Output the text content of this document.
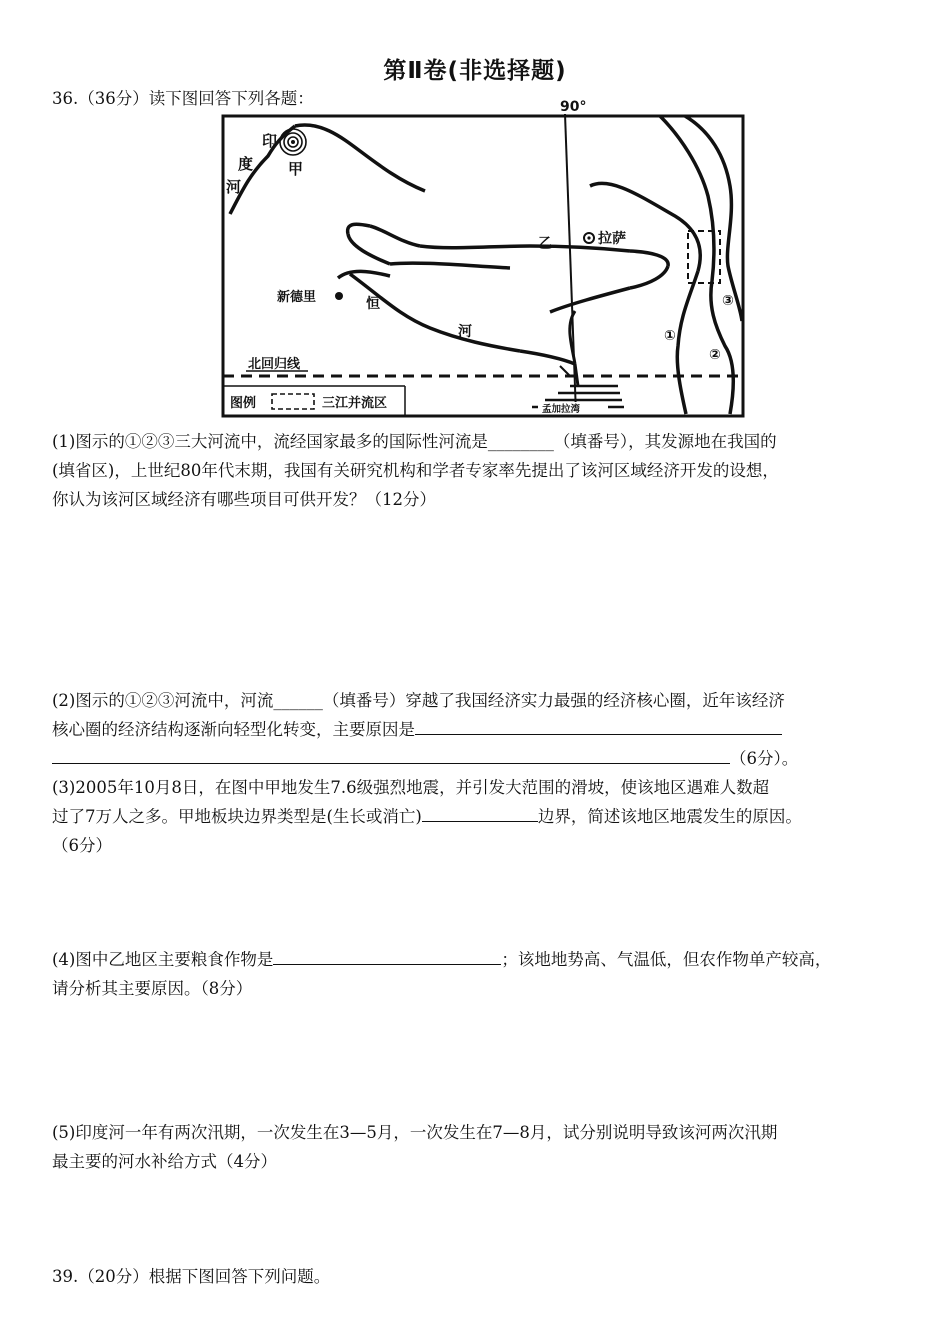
第Ⅱ卷(非选择题)
36.（36分）读下图回答下列各题：	90°
印
度
河
甲
乙	拉萨
新德里	恒
河	①
②
③
北回归线
图例	三江并流区	孟加拉湾
(1)图示的①②③三大河流中，流经国家最多的国际性河流是________（填番号），其发源地在我国的
(填省区)，上世纪80年代末期，我国有关研究机构和学者专家率先提出了该河区域经济开发的设想，
你认为该河区域经济有哪些项目可供开发？（12分）
(2)图示的①②③河流中，河流______（填番号）穿越了我国经济实力最强的经济核心圈，近年该经济
核心圈的经济结构逐渐向轻型化转变，主要原因是
（6分）。
(3)2005年10月8日，在图中甲地发生7.6级强烈地震，并引发大范围的滑坡，使该地区遇难人数超
过了7万人之多。甲地板块边界类型是(生长或消亡)	边界，简述该地区地震发生的原因。
（6分）
(4)图中乙地区主要粮食作物是	；该地地势高、气温低，但农作物单产较高，
请分析其主要原因。（8分）
(5)印度河一年有两次汛期，一次发生在3—5月，一次发生在7—8月，试分别说明导致该河两次汛期
最主要的河水补给方式（4分）
39.（20分）根据下图回答下列问题。
